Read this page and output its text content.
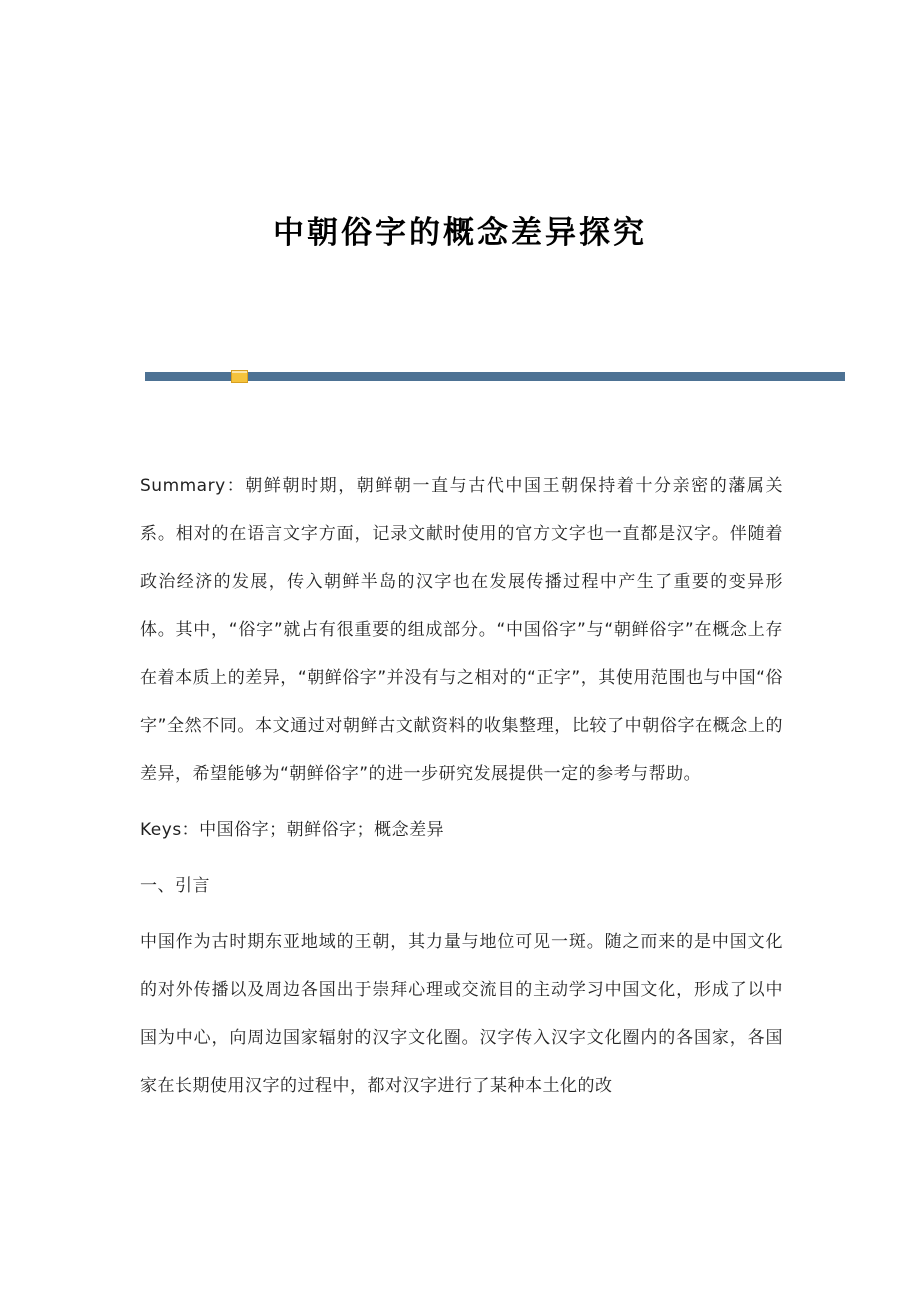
中朝俗字的概念差异探究

Summary：朝鲜朝时期，朝鲜朝一直与古代中国王朝保持着十分亲密的藩属关系。相对的在语言文字方面，记录文献时使用的官方文字也一直都是汉字。伴随着政治经济的发展，传入朝鲜半岛的汉字也在发展传播过程中产生了重要的变异形体。其中，“俗字”就占有很重要的组成部分。“中国俗字”与“朝鲜俗字”在概念上存在着本质上的差异，“朝鲜俗字”并没有与之相对的“正字”，其使用范围也与中国“俗字”全然不同。本文通过对朝鲜古文献资料的收集整理，比较了中朝俗字在概念上的差异，希望能够为“朝鲜俗字”的进一步研究发展提供一定的参考与帮助。

Keys：中国俗字；朝鲜俗字；概念差异

一、引言

中国作为古时期东亚地域的王朝，其力量与地位可见一斑。随之而来的是中国文化的对外传播以及周边各国出于崇拜心理或交流目的主动学习中国文化，形成了以中国为中心，向周边国家辐射的汉字文化圈。汉字传入汉字文化圈内的各国家，各国家在长期使用汉字的过程中，都对汉字进行了某种本土化的改
